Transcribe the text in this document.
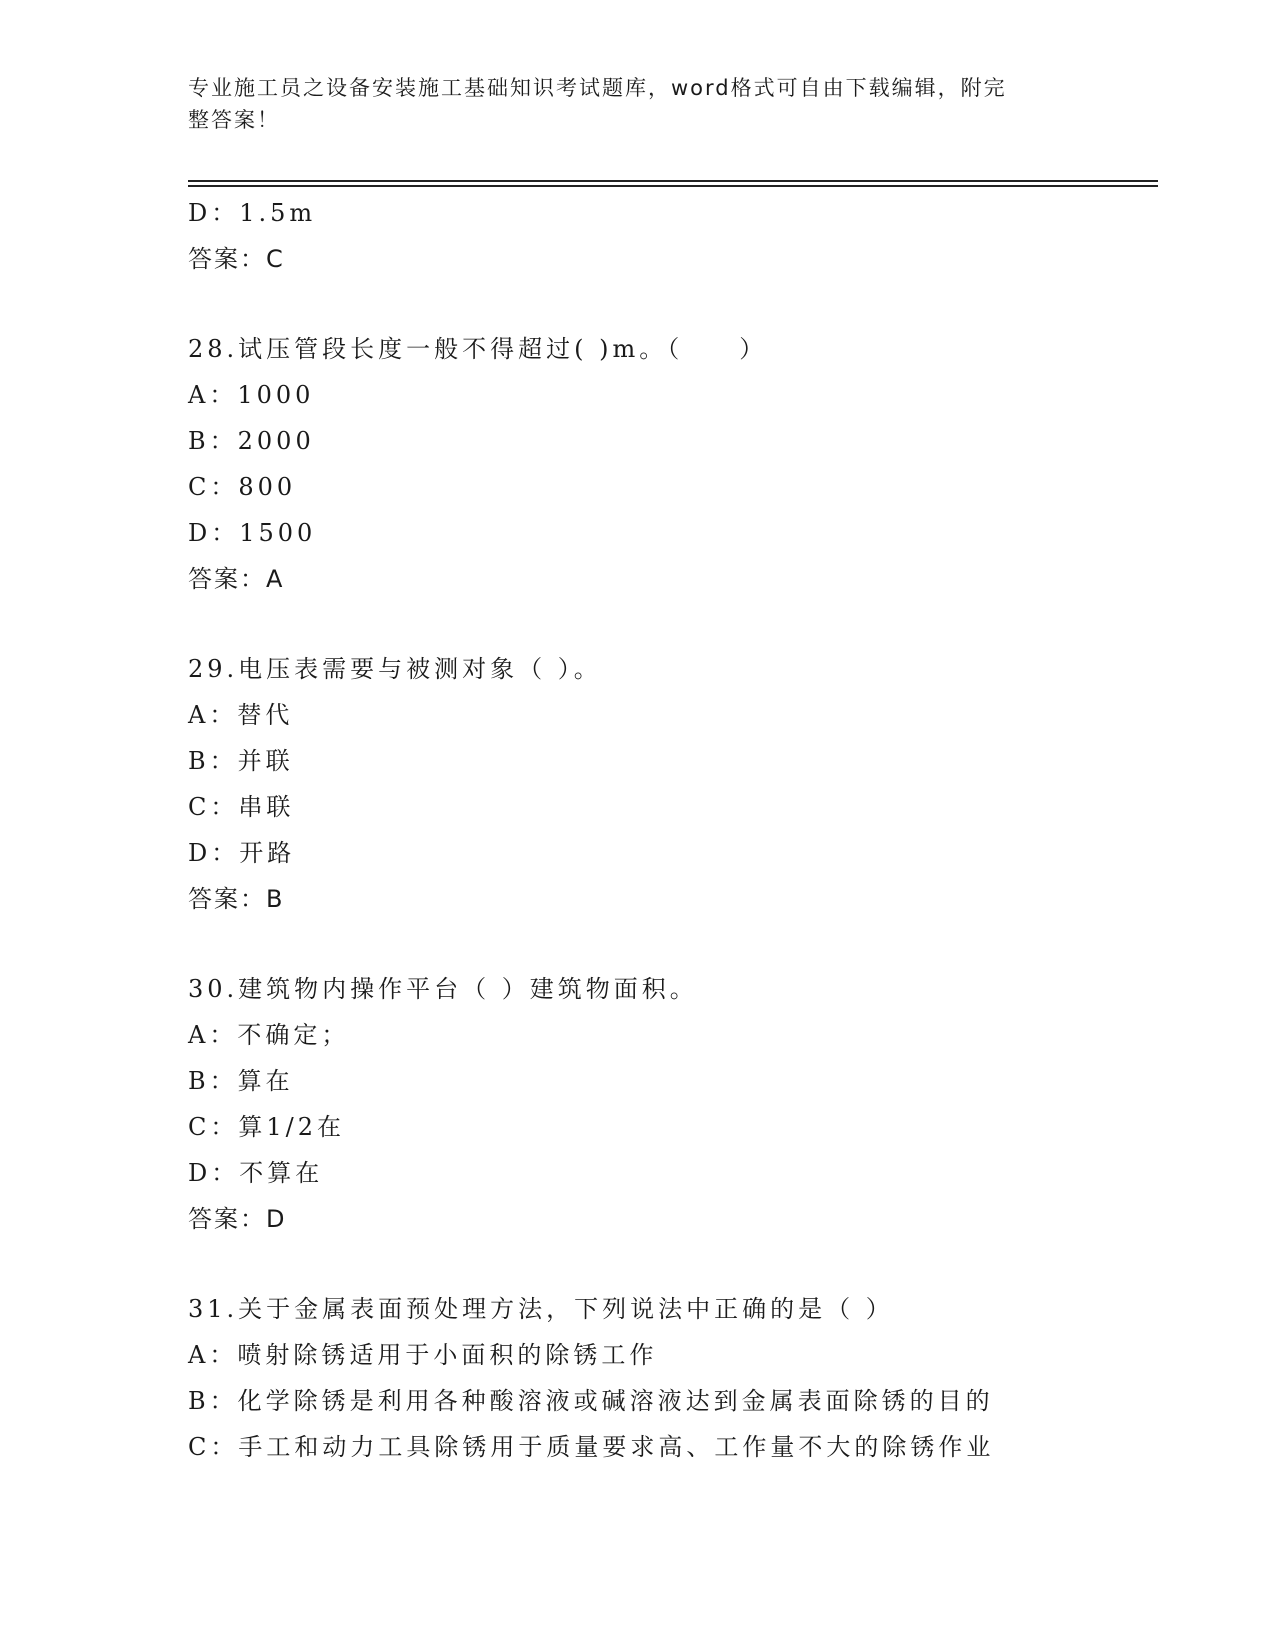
专业施工员之设备安装施工基础知识考试题库，word格式可自由下载编辑，附完
整答案！
D：1.5m
答案：C
28.试压管段长度一般不得超过( )m。（　　）
A：1000
B：2000
C：800
D：1500
答案：A
29.电压表需要与被测对象（ ）。
A：替代
B：并联
C：串联
D：开路
答案：B
30.建筑物内操作平台（ ）建筑物面积。
A：不确定；
B：算在
C：算1/2在
D：不算在
答案：D
31.关于金属表面预处理方法，下列说法中正确的是（ ）
A：喷射除锈适用于小面积的除锈工作
B：化学除锈是利用各种酸溶液或碱溶液达到金属表面除锈的目的
C：手工和动力工具除锈用于质量要求高、工作量不大的除锈作业
